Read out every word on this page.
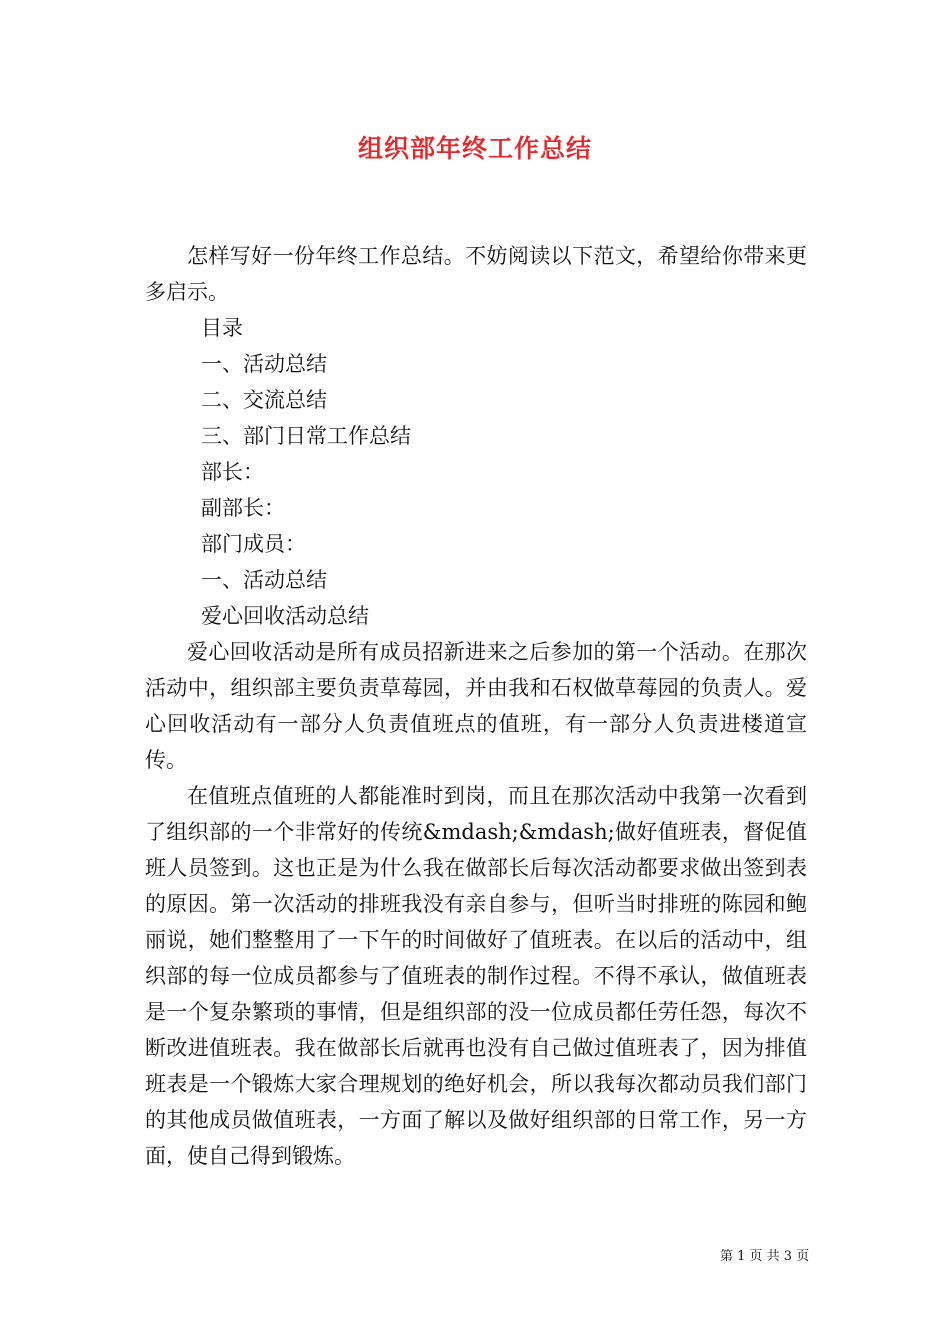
组织部年终工作总结

怎样写好一份年终工作总结。不妨阅读以下范文，希望给你带来更多启示。

目录

一、活动总结

二、交流总结

三、部门日常工作总结

部长：

副部长：

部门成员：

一、活动总结

爱心回收活动总结

爱心回收活动是所有成员招新进来之后参加的第一个活动。在那次活动中，组织部主要负责草莓园，并由我和石权做草莓园的负责人。爱心回收活动有一部分人负责值班点的值班，有一部分人负责进楼道宣传。

在值班点值班的人都能准时到岗，而且在那次活动中我第一次看到了组织部的一个非常好的传统&mdash;&mdash;做好值班表，督促值班人员签到。这也正是为什么我在做部长后每次活动都要求做出签到表的原因。第一次活动的排班我没有亲自参与，但听当时排班的陈园和鲍丽说，她们整整用了一下午的时间做好了值班表。在以后的活动中，组织部的每一位成员都参与了值班表的制作过程。不得不承认，做值班表是一个复杂繁琐的事情，但是组织部的没一位成员都任劳任怨，每次不断改进值班表。我在做部长后就再也没有自己做过值班表了，因为排值班表是一个锻炼大家合理规划的绝好机会，所以我每次都动员我们部门的其他成员做值班表，一方面了解以及做好组织部的日常工作，另一方面，使自己得到锻炼。

第 1 页 共 3 页
